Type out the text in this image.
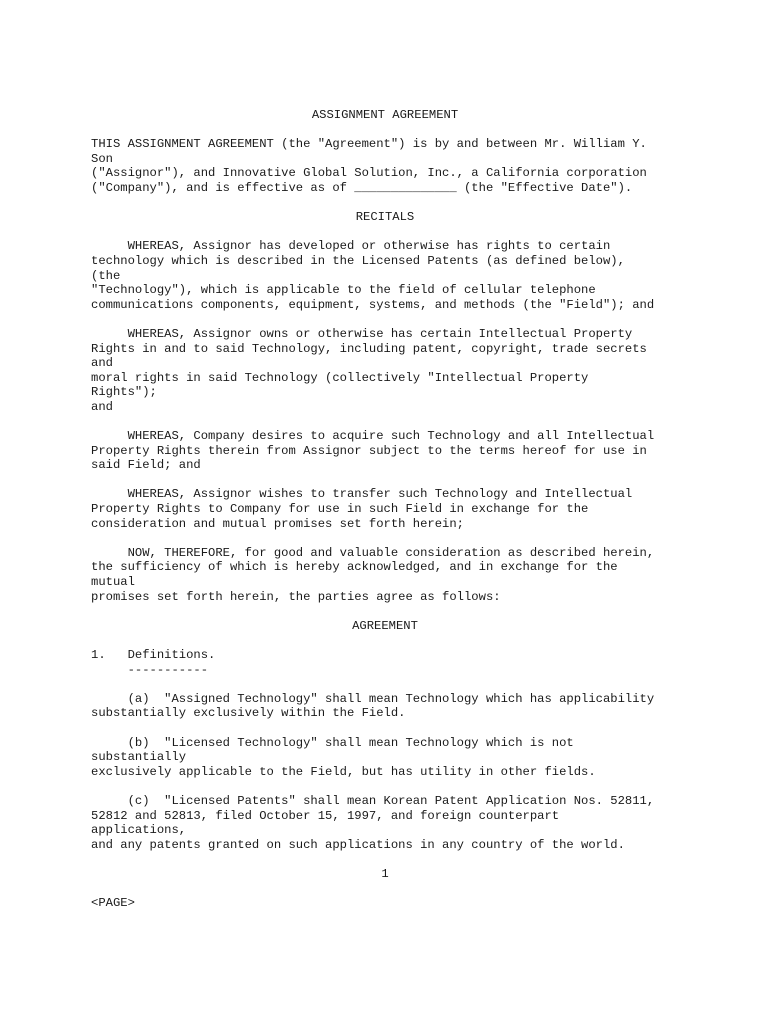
ASSIGNMENT AGREEMENT
THIS ASSIGNMENT AGREEMENT (the "Agreement") is by and between Mr. William Y.
Son
("Assignor"), and Innovative Global Solution, Inc., a California corporation
("Company"), and is effective as of ______________ (the "Effective Date").
RECITALS
WHEREAS, Assignor has developed or otherwise has rights to certain
technology which is described in the Licensed Patents (as defined below),
(the
"Technology"), which is applicable to the field of cellular telephone
communications components, equipment, systems, and methods (the "Field"); and
WHEREAS, Assignor owns or otherwise has certain Intellectual Property
Rights in and to said Technology, including patent, copyright, trade secrets
and
moral rights in said Technology (collectively "Intellectual Property
Rights");
and
WHEREAS, Company desires to acquire such Technology and all Intellectual
Property Rights therein from Assignor subject to the terms hereof for use in
said Field; and
WHEREAS, Assignor wishes to transfer such Technology and Intellectual
Property Rights to Company for use in such Field in exchange for the
consideration and mutual promises set forth herein;
NOW, THEREFORE, for good and valuable consideration as described herein,
the sufficiency of which is hereby acknowledged, and in exchange for the
mutual
promises set forth herein, the parties agree as follows:
AGREEMENT
1.   Definitions.
-----------
(a)  "Assigned Technology" shall mean Technology which has applicability
substantially exclusively within the Field.
(b)  "Licensed Technology" shall mean Technology which is not
substantially
exclusively applicable to the Field, but has utility in other fields.
(c)  "Licensed Patents" shall mean Korean Patent Application Nos. 52811,
52812 and 52813, filed October 15, 1997, and foreign counterpart
applications,
and any patents granted on such applications in any country of the world.
1
<PAGE>
